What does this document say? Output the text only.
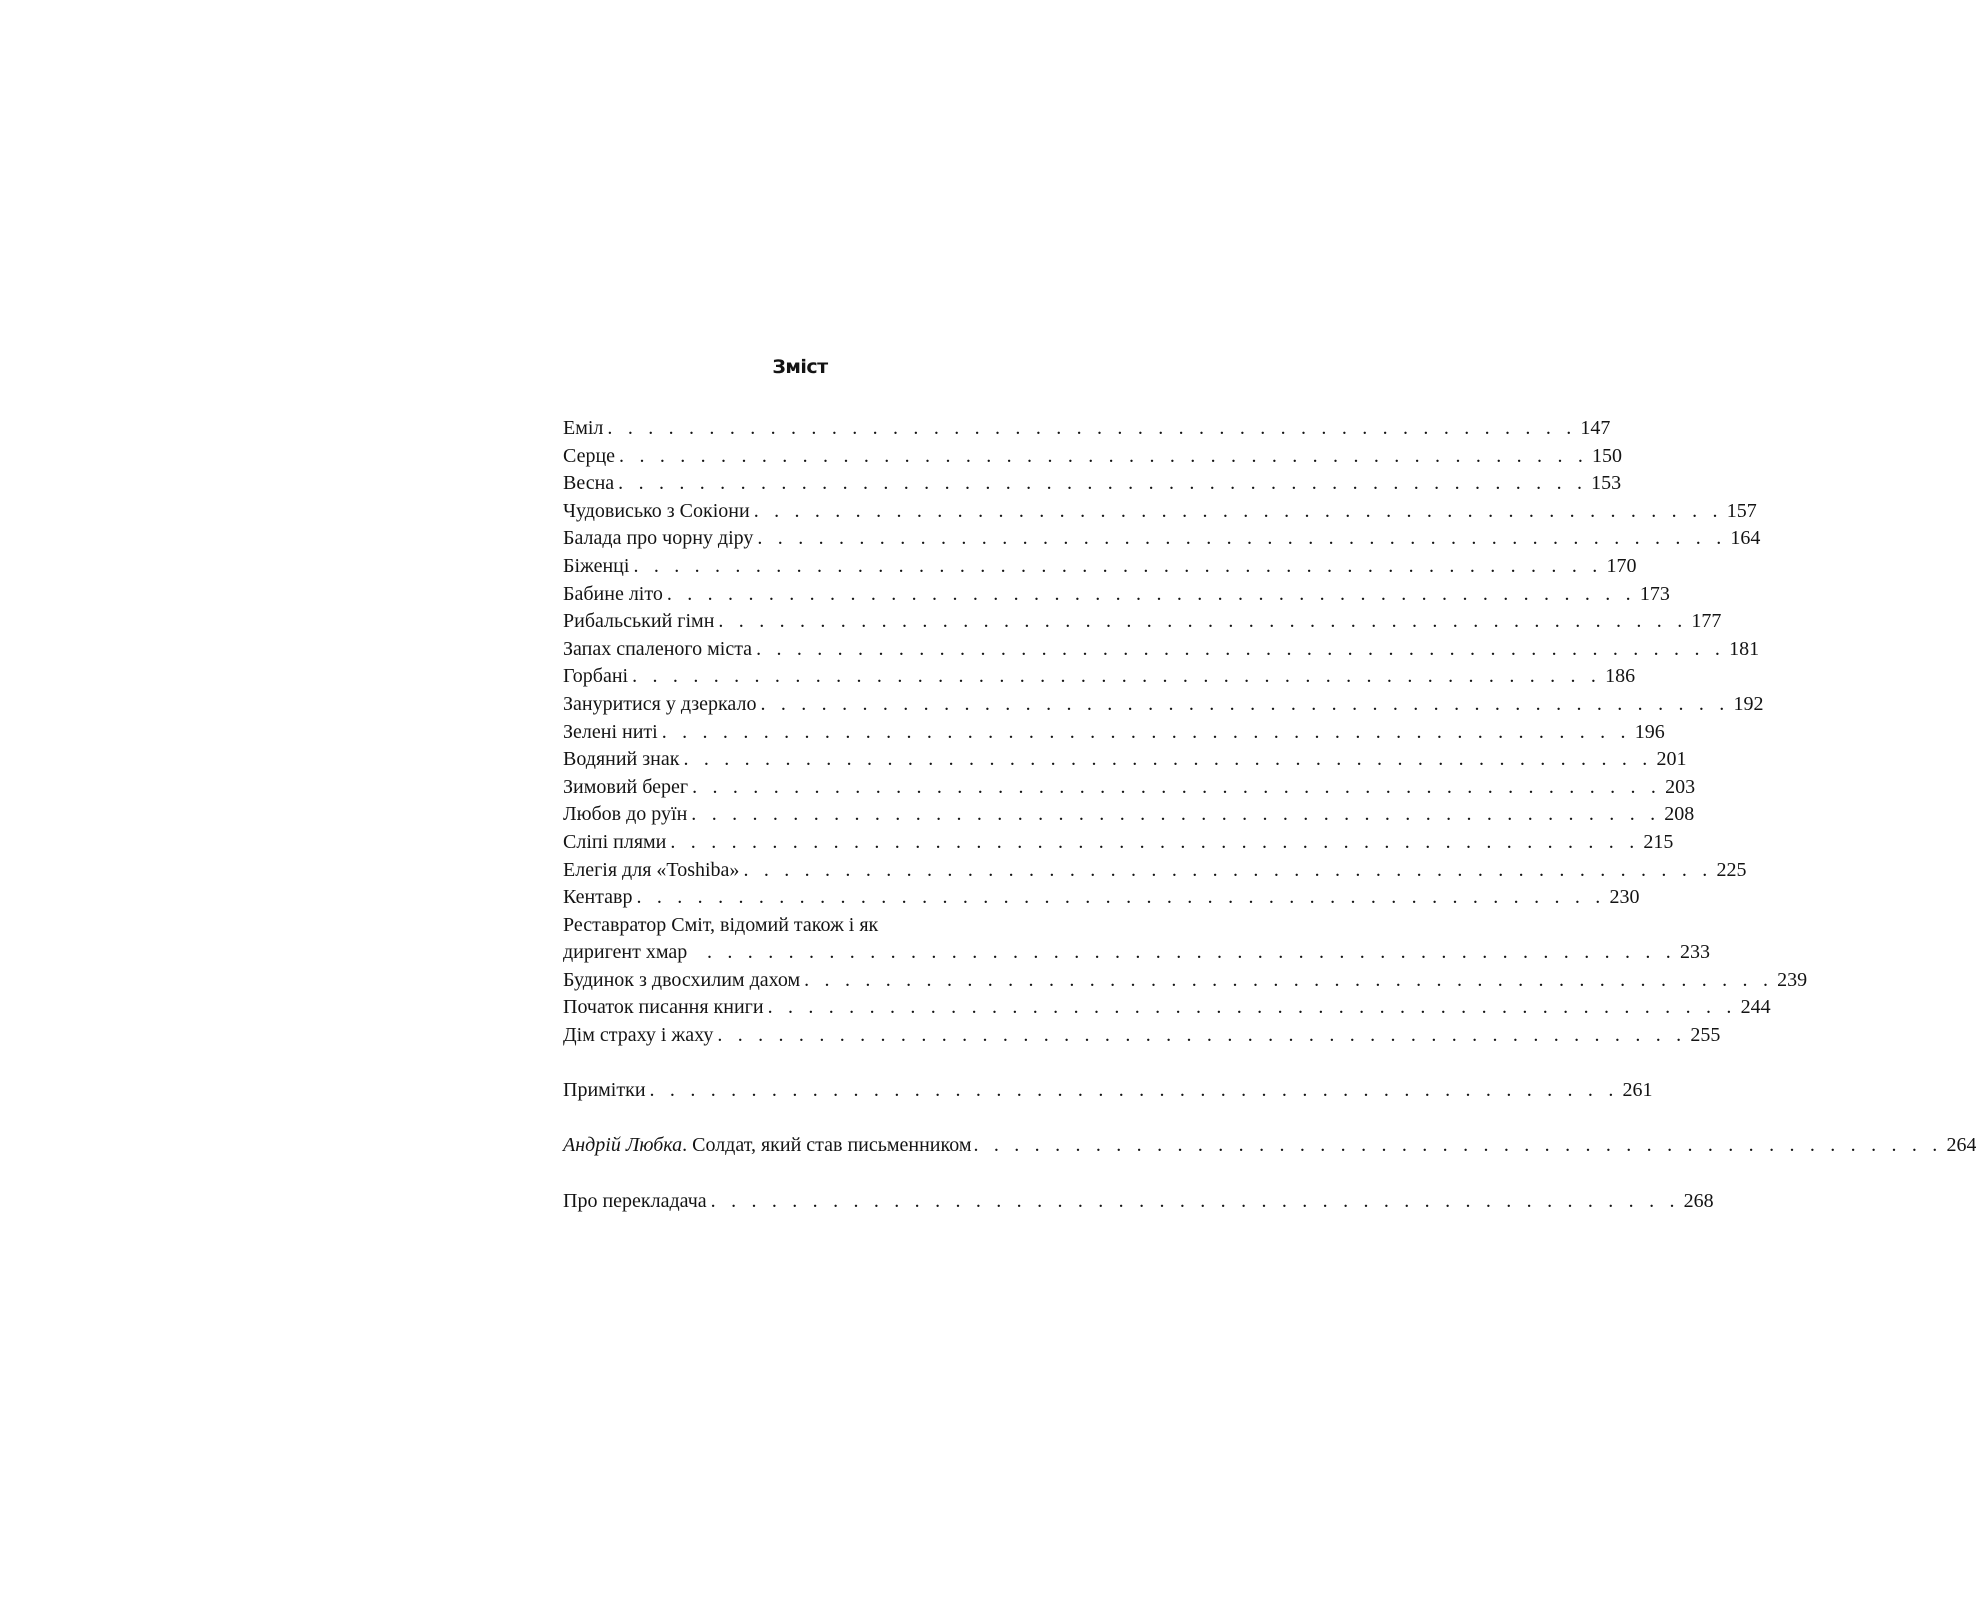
Зміст
Еміл . . .	147
Серце . . .	150
Весна . . .	153
Чудовисько з Сокіони . . .	157
Балада про чорну діру . . .	164
Біженці . . .	170
Бабине літо . . .	173
Рибальський гімн . . .	177
Запах спаленого міста . . .	181
Горбані . . .	186
Зануритися у дзеркало . . .	192
Зелені ниті . . .	196
Водяний знак . . .	201
Зимовий берег . . .	203
Любов до руїн . . .	208
Сліпі плями . . .	215
Елегія для «Toshiba» . . .	225
Кентавр . . .	230
Реставратор Сміт, відомий також і як диригент хмар . . .	233
Будинок з двосхилим дахом . . .	239
Початок писання книги . . .	244
Дім страху і жаху . . .	255
Примітки . . .	261
Андрій Любка. Солдат, який став письменником . . .	264
Про перекладача . . .	268
